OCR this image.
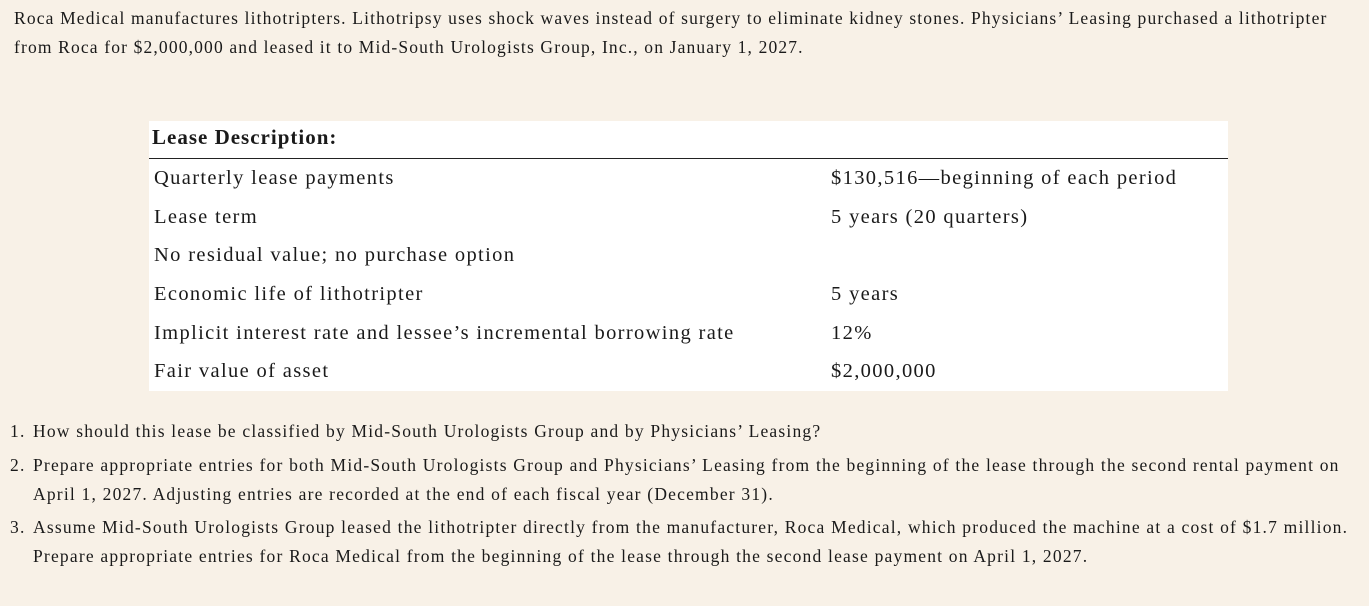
Roca Medical manufactures lithotripters. Lithotripsy uses shock waves instead of surgery to eliminate kidney stones. Physicians’ Leasing purchased a lithotripter from Roca for $2,000,000 and leased it to Mid-South Urologists Group, Inc., on January 1, 2027.

Lease Description:
Quarterly lease payments	$130,516—beginning of each period
Lease term	5 years (20 quarters)
No residual value; no purchase option
Economic life of lithotripter	5 years
Implicit interest rate and lessee’s incremental borrowing rate	12%
Fair value of asset	$2,000,000
1. How should this lease be classified by Mid-South Urologists Group and by Physicians’ Leasing?
2. Prepare appropriate entries for both Mid-South Urologists Group and Physicians’ Leasing from the beginning of the lease through the second rental payment on April 1, 2027. Adjusting entries are recorded at the end of each fiscal year (December 31).
3. Assume Mid-South Urologists Group leased the lithotripter directly from the manufacturer, Roca Medical, which produced the machine at a cost of $1.7 million. Prepare appropriate entries for Roca Medical from the beginning of the lease through the second lease payment on April 1, 2027.
